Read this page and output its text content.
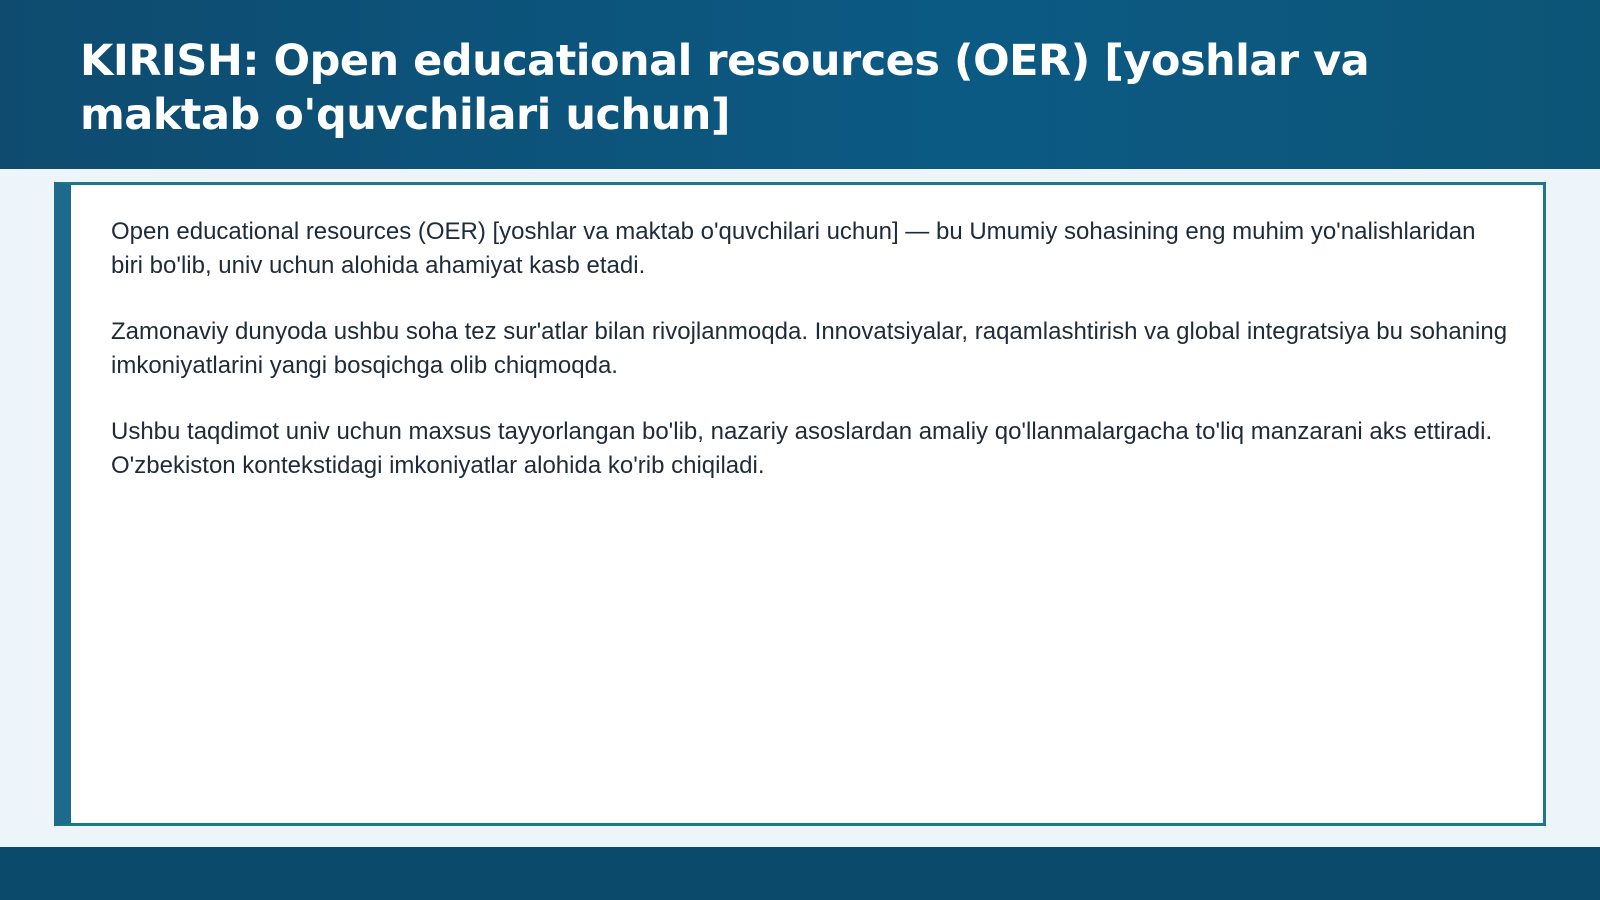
KIRISH: Open educational resources (OER) [yoshlar va maktab o'quvchilari uchun]

Open educational resources (OER) [yoshlar va maktab o'quvchilari uchun] — bu Umumiy sohasining eng muhim yo'nalishlaridan biri bo'lib, univ uchun alohida ahamiyat kasb etadi.

Zamonaviy dunyoda ushbu soha tez sur'atlar bilan rivojlanmoqda. Innovatsiyalar, raqamlashtirish va global integratsiya bu sohaning imkoniyatlarini yangi bosqichga olib chiqmoqda.

Ushbu taqdimot univ uchun maxsus tayyorlangan bo'lib, nazariy asoslardan amaliy qo'llanmalargacha to'liq manzarani aks ettiradi. O'zbekiston kontekstidagi imkoniyatlar alohida ko'rib chiqiladi.
